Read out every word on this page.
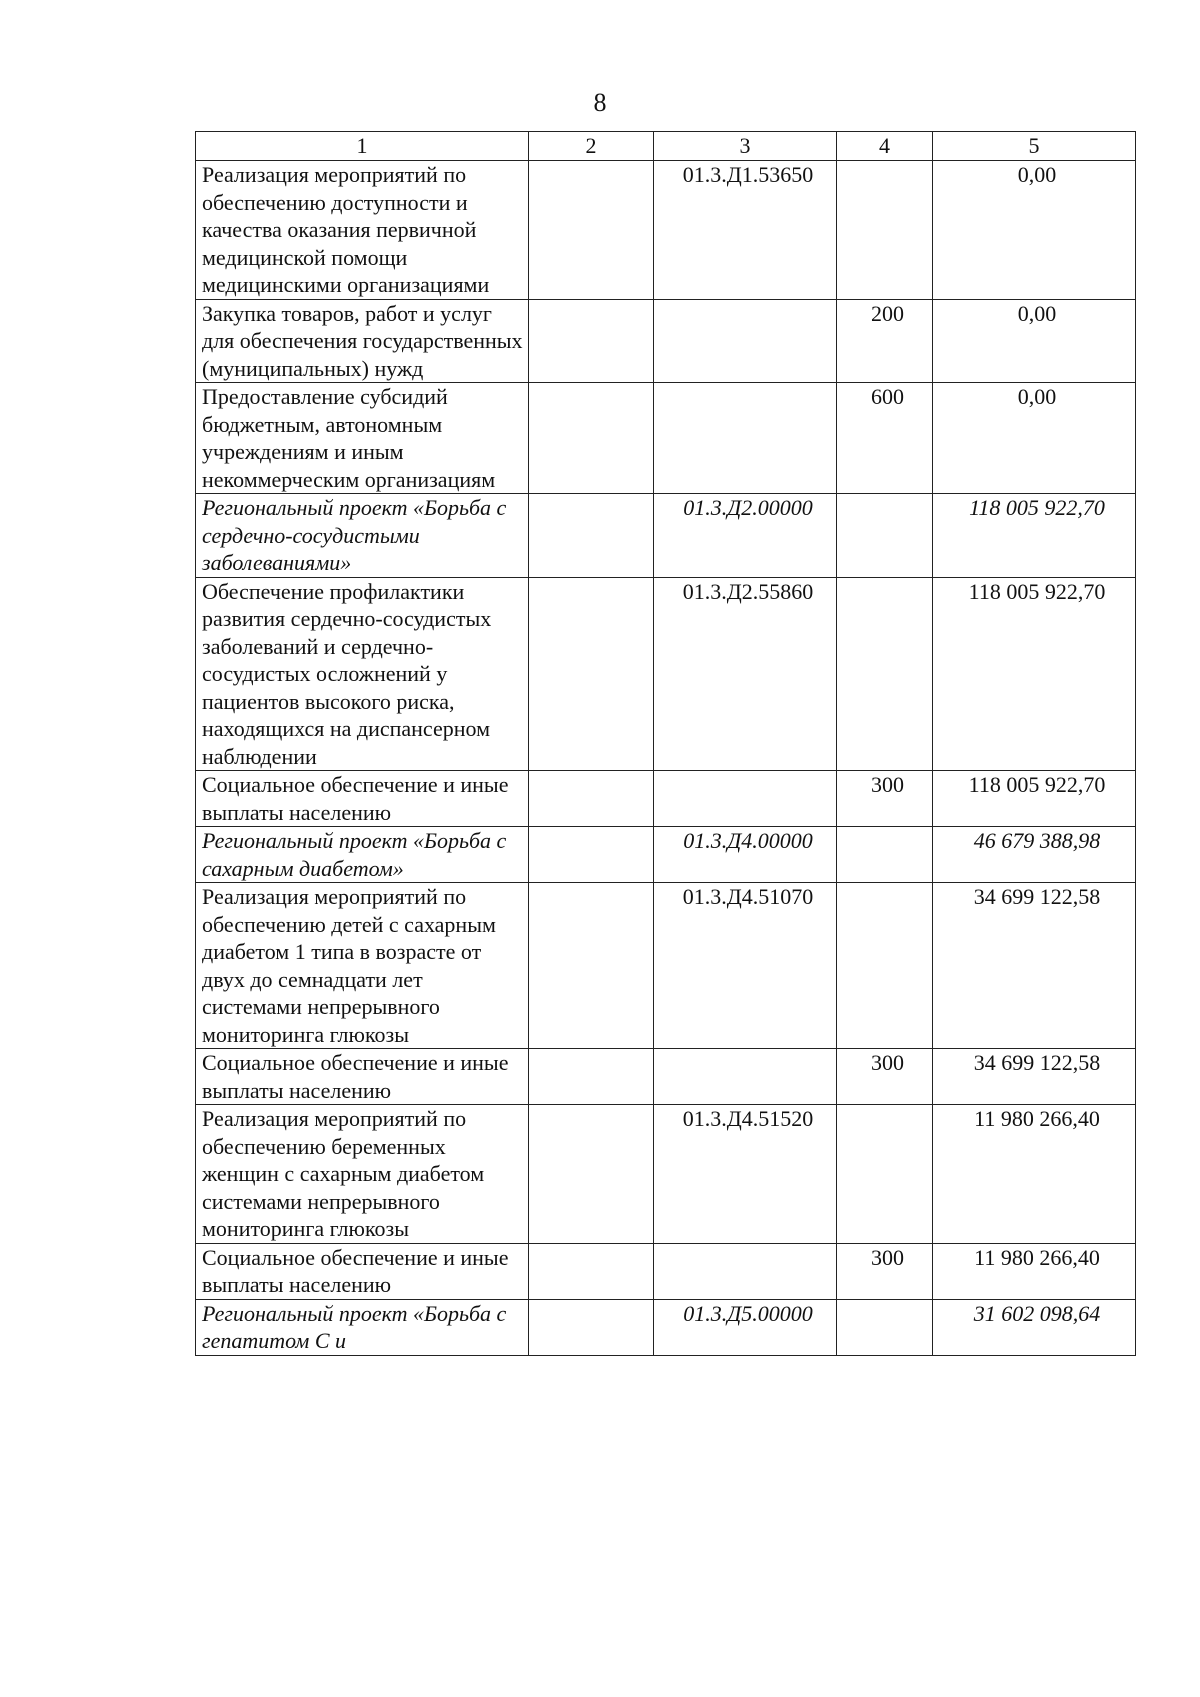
8
1	2	3	4	5
Реализация мероприятий по обеспечению доступности и качества оказания первичной медицинской помощи медицинскими организациями		01.3.Д1.53650		0,00
Закупка товаров, работ и услуг для обеспечения государственных (муниципальных) нужд			200	0,00
Предоставление субсидий бюджетным, автономным учреждениям и иным некоммерческим организациям			600	0,00
Региональный проект «Борьба с сердечно-сосудистыми заболеваниями»		01.3.Д2.00000		118 005 922,70
Обеспечение профилактики развития сердечно-сосудистых заболеваний и сердечно-сосудистых осложнений у пациентов высокого риска, находящихся на диспансерном наблюдении		01.3.Д2.55860		118 005 922,70
Социальное обеспечение и иные выплаты населению			300	118 005 922,70
Региональный проект «Борьба с сахарным диабетом»		01.3.Д4.00000		46 679 388,98
Реализация мероприятий по обеспечению детей с сахарным диабетом 1 типа в возрасте от двух до семнадцати лет системами непрерывного мониторинга глюкозы		01.3.Д4.51070		34 699 122,58
Социальное обеспечение и иные выплаты населению			300	34 699 122,58
Реализация мероприятий по обеспечению беременных женщин с сахарным диабетом системами непрерывного мониторинга глюкозы		01.3.Д4.51520		11 980 266,40
Социальное обеспечение и иные выплаты населению			300	11 980 266,40
Региональный проект «Борьба с гепатитом С и		01.3.Д5.00000		31 602 098,64
